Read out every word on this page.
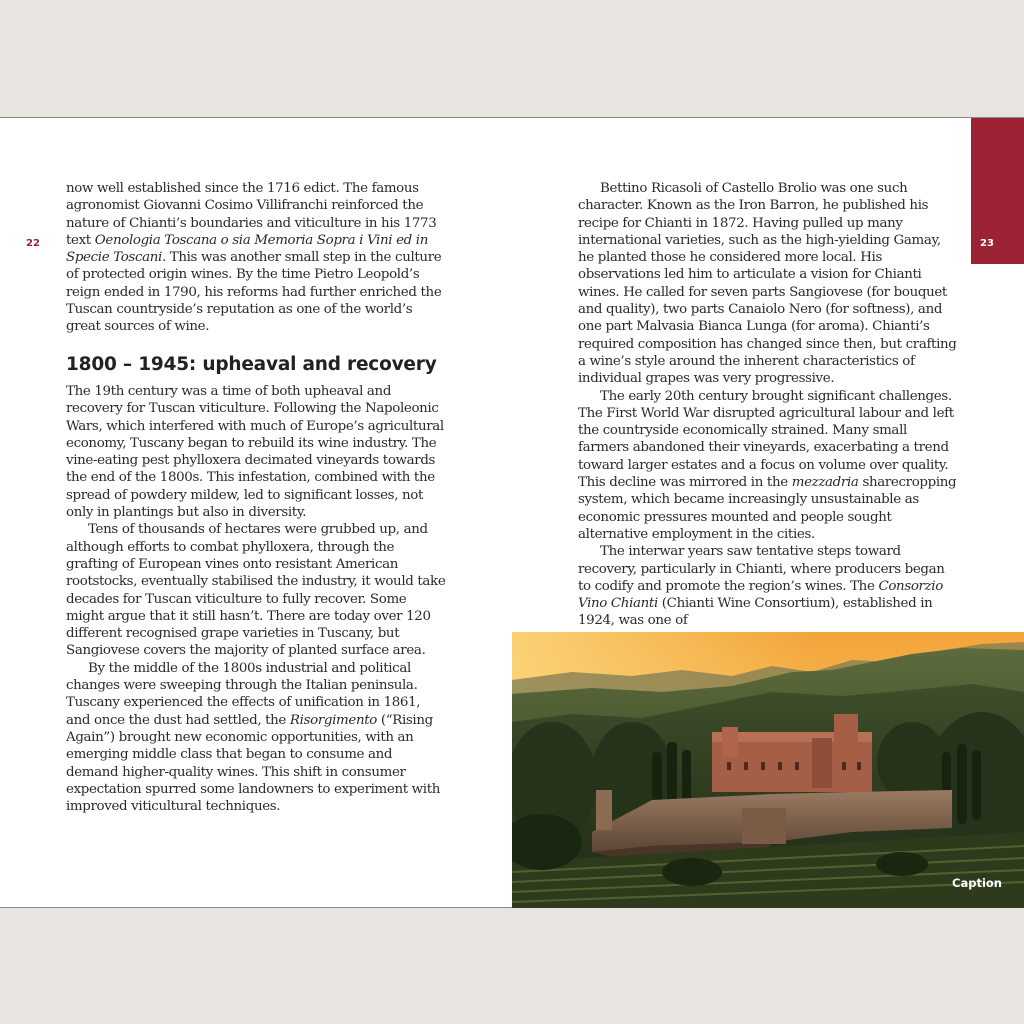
22	23

now well established since the 1716 edict. The famous agronomist Giovanni Cosimo Villifranchi reinforced the nature of Chianti’s boundaries and viticulture in his 1773 text Oenologia Toscana o sia Memoria Sopra i Vini ed in Specie Toscani. This was another small step in the culture of protected origin wines. By the time Pietro Leopold’s reign ended in 1790, his reforms had further enriched the Tuscan countryside’s reputation as one of the world’s great sources of wine.

1800 – 1945: upheaval and recovery

The 19th century was a time of both upheaval and recovery for Tuscan viticulture. Following the Napoleonic Wars, which interfered with much of Europe’s agricultural economy, Tuscany began to rebuild its wine industry. The vine-eating pest phylloxera decimated vineyards towards the end of the 1800s. This infestation, combined with the spread of powdery mildew, led to significant losses, not only in plantings but also in diversity.

Tens of thousands of hectares were grubbed up, and although efforts to combat phylloxera, through the grafting of European vines onto resistant American rootstocks, eventually stabilised the industry, it would take decades for Tuscan viticulture to fully recover. Some might argue that it still hasn’t. There are today over 120 different recognised grape varieties in Tuscany, but Sangiovese covers the majority of planted surface area.

By the middle of the 1800s industrial and political changes were sweeping through the Italian peninsula. Tuscany experienced the effects of unification in 1861, and once the dust had settled, the Risorgimento (“Rising Again”) brought new economic opportunities, with an emerging middle class that began to consume and demand higher-quality wines. This shift in consumer expectation spurred some landowners to experiment with improved viticultural techniques.

Bettino Ricasoli of Castello Brolio was one such character. Known as the Iron Barron, he published his recipe for Chianti in 1872. Having pulled up many international varieties, such as the high-yielding Gamay, he planted those he considered more local. His observations led him to articulate a vision for Chianti wines. He called for seven parts Sangiovese (for bouquet and quality), two parts Canaiolo Nero (for softness), and one part Malvasia Bianca Lunga (for aroma). Chianti’s required composition has changed since then, but crafting a wine’s style around the inherent characteristics of individual grapes was very progressive.

The early 20th century brought significant challenges. The First World War disrupted agricultural labour and left the countryside economically strained. Many small farmers abandoned their vineyards, exacerbating a trend toward larger estates and a focus on volume over quality. This decline was mirrored in the mezzadria sharecropping system, which became increasingly unsustainable as economic pressures mounted and people sought alternative employment in the cities.

The interwar years saw tentative steps toward recovery, particularly in Chianti, where producers began to codify and promote the region’s wines. The Consorzio Vino Chianti (Chianti Wine Consortium), established in 1924, was one of

Caption
